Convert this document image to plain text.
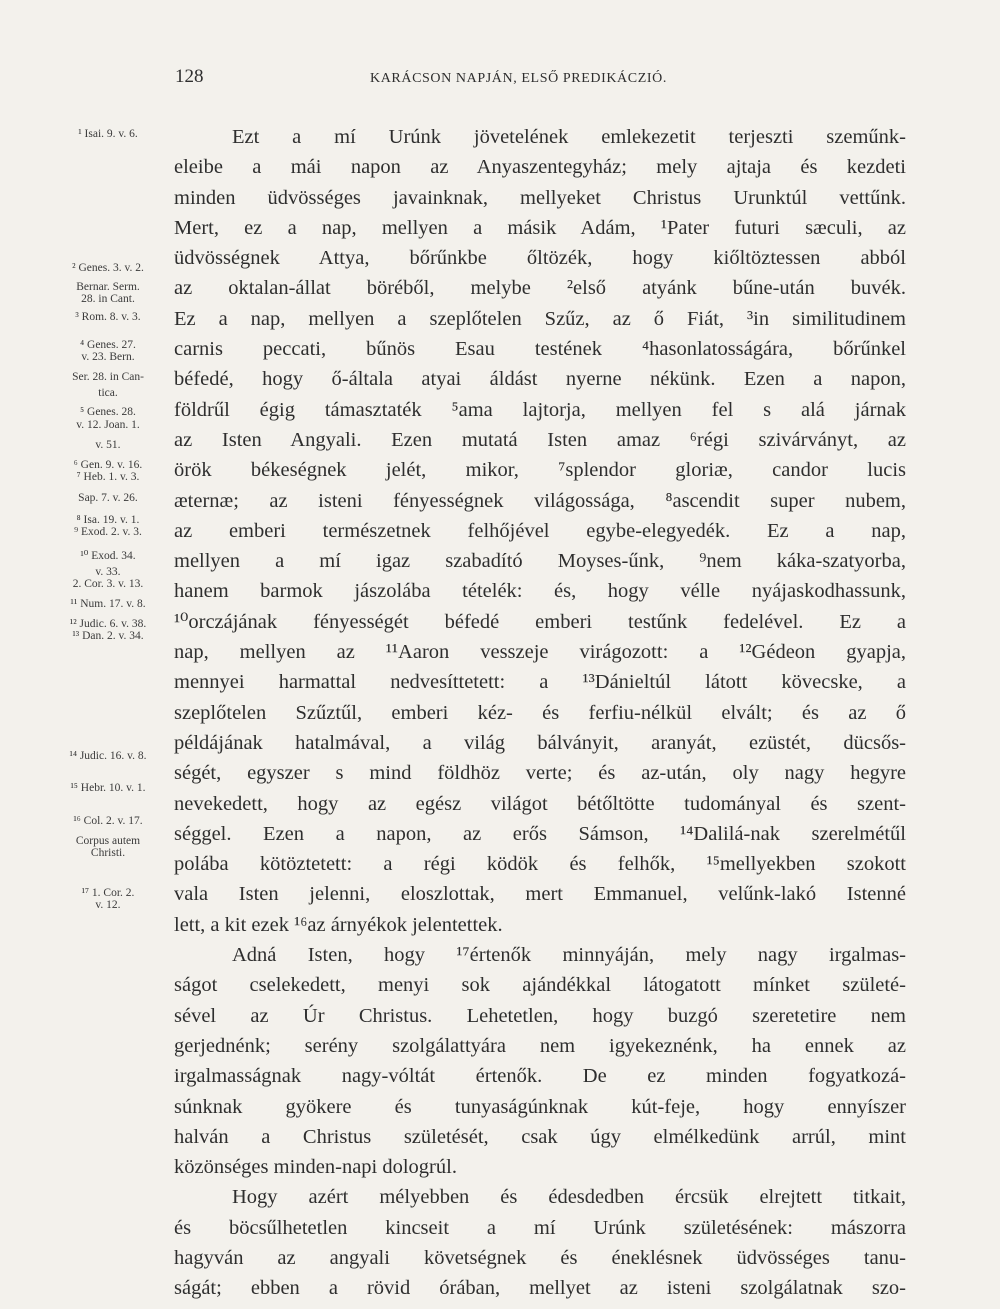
128	KARÁCSON NAPJÁN, ELSŐ PREDIKÁCZIÓ.
¹ Isai. 9. v. 6.
² Genes. 3. v. 2.
Bernar. Serm.
28. in Cant.
³ Rom. 8. v. 3.
⁴ Genes. 27.
v. 23. Bern.
Ser. 28. in Can-
tica.
⁵ Genes. 28.
v. 12. Joan. 1.
v. 51.
⁶ Gen. 9. v. 16.
⁷ Heb. 1. v. 3.
Sap. 7. v. 26.
⁸ Isa. 19. v. 1.
⁹ Exod. 2. v. 3.
¹⁰ Exod. 34.
v. 33.
2. Cor. 3. v. 13.
¹¹ Num. 17. v. 8.
¹² Judic. 6. v. 38.
¹³ Dan. 2. v. 34.
¹⁴ Judic. 16. v. 8.
¹⁵ Hebr. 10. v. 1.
¹⁶ Col. 2. v. 17.
Corpus autem
Christi.
¹⁷ 1. Cor. 2.
v. 12.
Ezt a mí Urúnk jövetelének emlekezetit terjeszti szeműnk-
eleibe a mái napon az Anyaszentegyház; mely ajtaja és kezdeti
minden üdvösséges javainknak, mellyeket Christus Urunktúl vettűnk.
Mert, ez a nap, mellyen a másik Adám, ¹Pater futuri sæculi, az
üdvösségnek Attya, bőrűnkbe őltözék, hogy kiőltöztessen abból
az oktalan-állat böréből, melybe ²első atyánk bűne-után buvék.
Ez a nap, mellyen a szeplőtelen Szűz, az ő Fiát, ³in similitudinem
carnis peccati, bűnös Esau testének ⁴hasonlatosságára, bőrűnkel
béfedé, hogy ő-általa atyai áldást nyerne nékünk. Ezen a napon,
földrűl égig támasztaték ⁵ama lajtorja, mellyen fel s alá járnak
az Isten Angyali. Ezen mutatá Isten amaz ⁶régi szivárványt, az
örök békeségnek jelét, mikor, ⁷splendor gloriæ, candor lucis
æternæ; az isteni fényességnek világossága, ⁸ascendit super nubem,
az emberi természetnek felhőjével egybe-elegyedék. Ez a nap,
mellyen a mí igaz szabadító Moyses-űnk, ⁹nem káka-szatyorba,
hanem barmok jászolába tételék: és, hogy vélle nyájaskodhassunk,
¹⁰orczájának fényességét béfedé emberi testűnk fedelével. Ez a
nap, mellyen az ¹¹Aaron vesszeje virágozott: a ¹²Gédeon gyapja,
mennyei harmattal nedvesíttetett: a ¹³Dánieltúl látott kövecske, a
szeplőtelen Szűztűl, emberi kéz- és ferfiu-nélkül elvált; és az ő
példájának hatalmával, a világ bálványit, aranyát, ezüstét, dücsős-
ségét, egyszer s mind földhöz verte; és az-után, oly nagy hegyre
nevekedett, hogy az egész világot bétőltötte tudományal és szent-
séggel. Ezen a napon, az erős Sámson, ¹⁴Dalilá-nak szerelmétűl
polába kötöztetett: a régi ködök és felhők, ¹⁵mellyekben szokott
vala Isten jelenni, eloszlottak, mert Emmanuel, velűnk-lakó Istenné
lett, a kit ezek ¹⁶az árnyékok jelentettek.
Adná Isten, hogy ¹⁷értenők minnyáján, mely nagy irgalmas-
ságot cselekedett, menyi sok ajándékkal látogatott mínket születé-
sével az Úr Christus. Lehetetlen, hogy buzgó szeretetire nem
gerjednénk; serény szolgálattyára nem igyekeznénk, ha ennek az
irgalmasságnak nagy-vóltát értenők. De ez minden fogyatkozá-
súnknak gyökere és tunyaságúnknak kút-feje, hogy ennyíszer
halván a Christus születését, csak úgy elmélkedünk arrúl, mint
közönséges minden-napi dologrúl.
Hogy azért mélyebben és édesdedben ércsük elrejtett titkait,
és böcsűlhetetlen kincseit a mí Urúnk születésének: mászorra
hagyván az angyali követségnek és éneklésnek üdvösséges tanu-
ságát; ebben a rövid órában, mellyet az isteni szolgálatnak szo-
